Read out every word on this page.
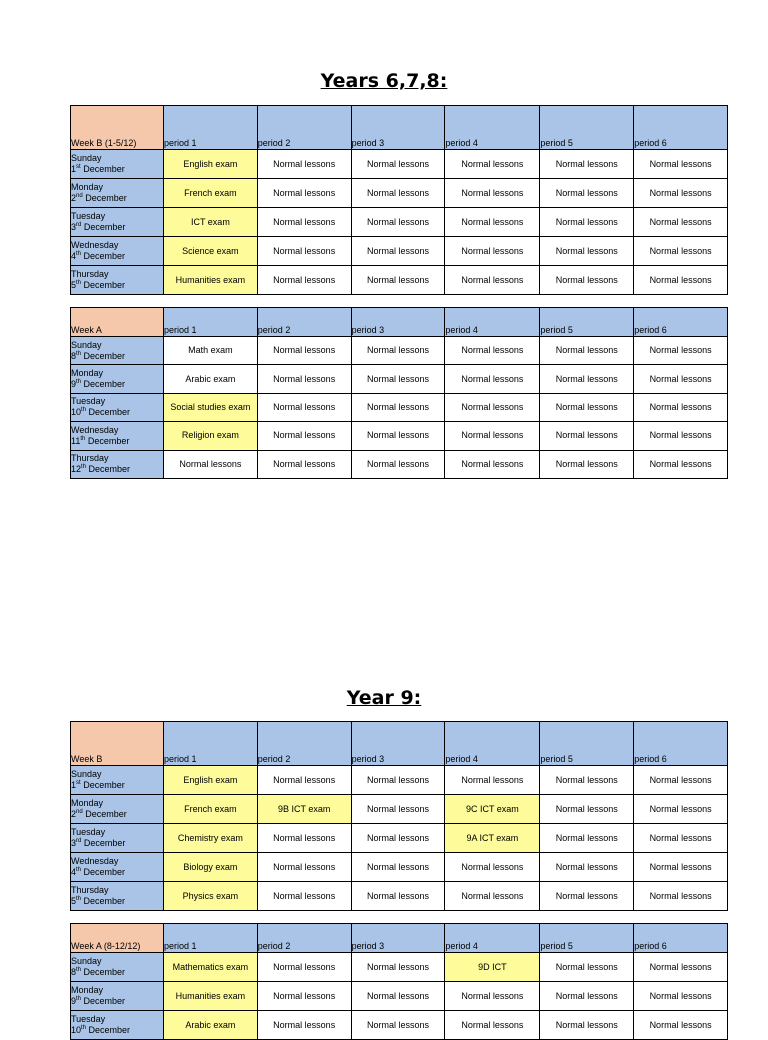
Years 6,7,8:
Week B (1-5/12)	period 1	period 2	period 3	period 4	period 5	period 6
Sunday
1st December	English exam	Normal lessons	Normal lessons	Normal lessons	Normal lessons	Normal lessons
Monday
2nd December	French exam	Normal lessons	Normal lessons	Normal lessons	Normal lessons	Normal lessons
Tuesday
3rd December	ICT exam	Normal lessons	Normal lessons	Normal lessons	Normal lessons	Normal lessons
Wednesday
4th December	Science exam	Normal lessons	Normal lessons	Normal lessons	Normal lessons	Normal lessons
Thursday
5th December	Humanities exam	Normal lessons	Normal lessons	Normal lessons	Normal lessons	Normal lessons
Week A	period 1	period 2	period 3	period 4	period 5	period 6
Sunday
8th December	Math exam	Normal lessons	Normal lessons	Normal lessons	Normal lessons	Normal lessons
Monday
9th December	Arabic exam	Normal lessons	Normal lessons	Normal lessons	Normal lessons	Normal lessons
Tuesday
10th December	Social studies exam	Normal lessons	Normal lessons	Normal lessons	Normal lessons	Normal lessons
Wednesday
11th December	Religion exam	Normal lessons	Normal lessons	Normal lessons	Normal lessons	Normal lessons
Thursday
12th December	Normal lessons	Normal lessons	Normal lessons	Normal lessons	Normal lessons	Normal lessons
Year 9:
Week B	period 1	period 2	period 3	period 4	period 5	period 6
Sunday
1st December	English exam	Normal lessons	Normal lessons	Normal lessons	Normal lessons	Normal lessons
Monday
2nd December	French exam	9B ICT exam	Normal lessons	9C ICT exam	Normal lessons	Normal lessons
Tuesday
3rd December	Chemistry exam	Normal lessons	Normal lessons	9A ICT exam	Normal lessons	Normal lessons
Wednesday
4th December	Biology exam	Normal lessons	Normal lessons	Normal lessons	Normal lessons	Normal lessons
Thursday
5th December	Physics exam	Normal lessons	Normal lessons	Normal lessons	Normal lessons	Normal lessons
Week A (8-12/12)	period 1	period 2	period 3	period 4	period 5	period 6
Sunday
8th December	Mathematics exam	Normal lessons	Normal lessons	9D ICT	Normal lessons	Normal lessons
Monday
9th December	Humanities exam	Normal lessons	Normal lessons	Normal lessons	Normal lessons	Normal lessons
Tuesday
10th December	Arabic exam	Normal lessons	Normal lessons	Normal lessons	Normal lessons	Normal lessons
